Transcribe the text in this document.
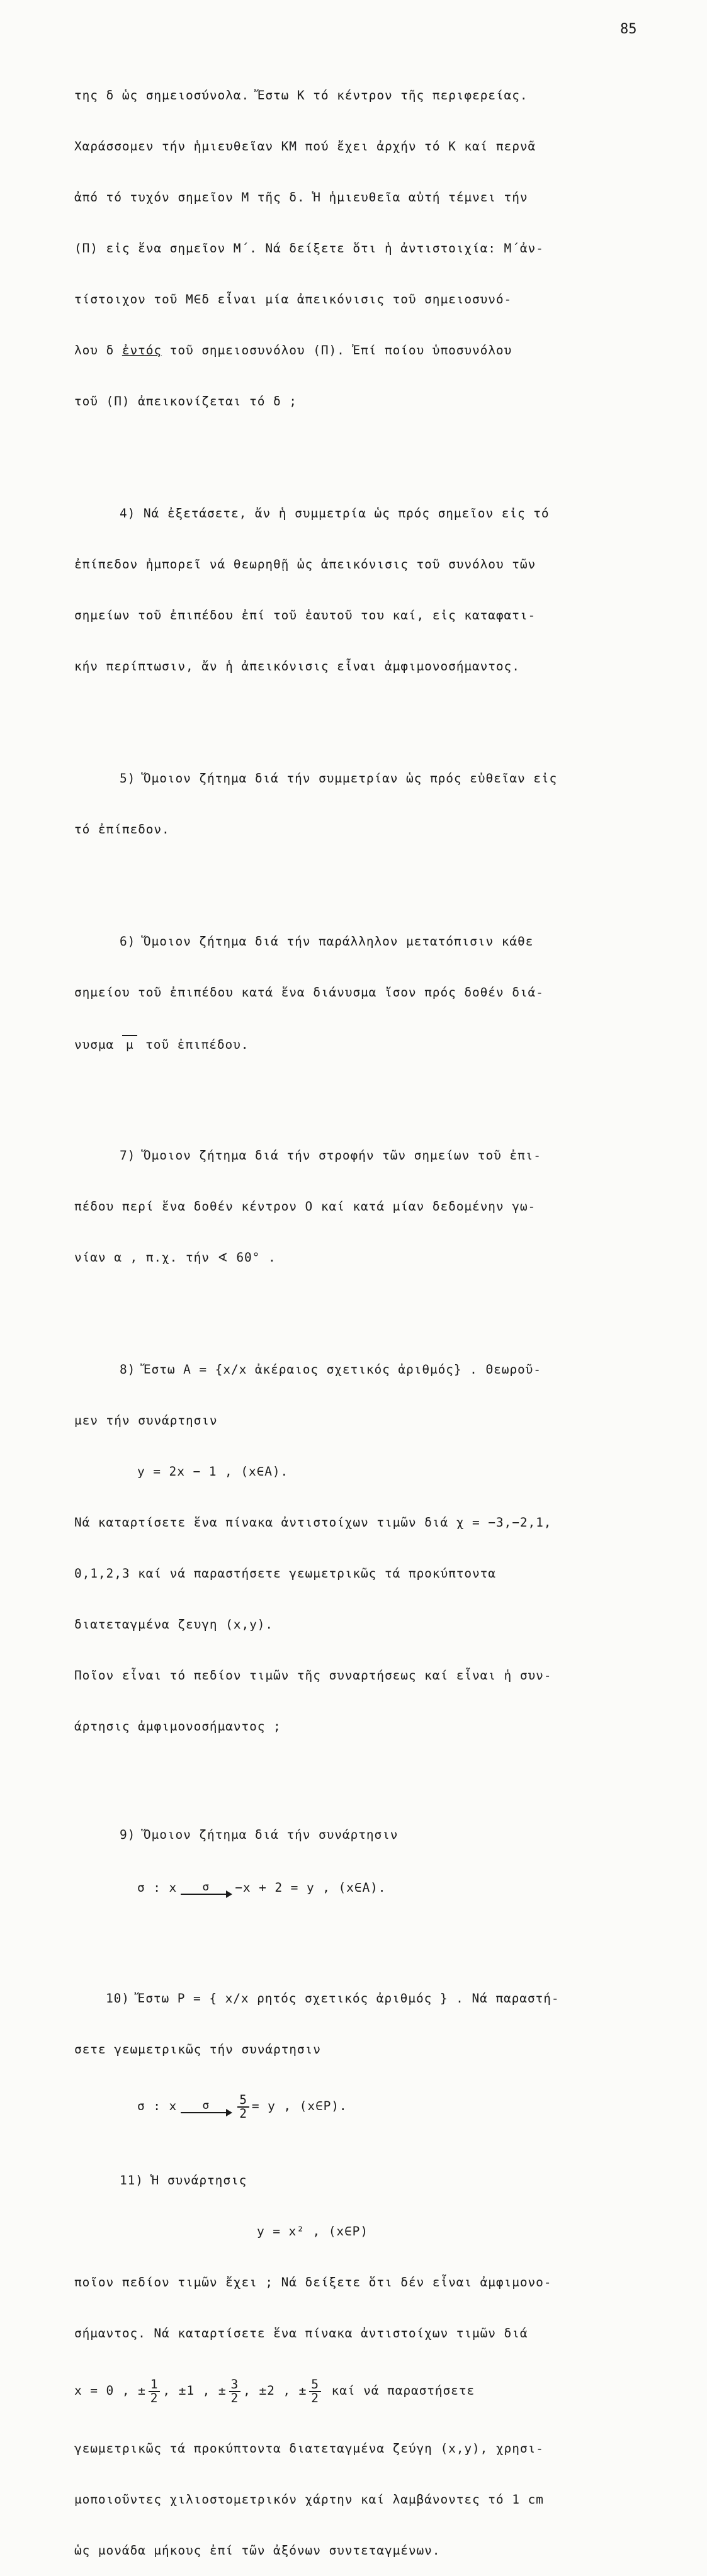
85

της δ ὡς σημειοσύνολα. Ἔστω K τό κέντρον τῆς περιφερείας.

Χαράσσομεν τήν ἡμιευθεῖαν KM πού ἔχει ἀρχήν τό K καί περνᾶ

ἀπό τό τυχόν σημεῖον M τῆς δ. Ἡ ἡμιευθεῖα αὐτή τέμνει τήν

(Π) εἰς ἕνα σημεῖον M΄. Νά δείξετε ὅτι ἡ ἀντιστοιχία: M΄ἀν-

τίστοιχον τοῦ M∈δ εἶναι μία ἀπεικόνισις τοῦ σημειοσυνό-

λου δ ἐντός τοῦ σημειοσυνόλου (Π). Ἐπί ποίου ὑποσυνόλου

τοῦ (Π) ἀπεικονίζεται τό δ ;

4) Νά ἐξετάσετε, ἄν ἡ συμμετρία ὡς πρός σημεῖον εἰς τό

ἐπίπεδον ἠμπορεῖ νά θεωρηθῇ ὡς ἀπεικόνισις τοῦ συνόλου τῶν

σημείων τοῦ ἐπιπέδου ἐπί τοῦ ἑαυτοῦ του καί, εἰς καταφατι-

κήν περίπτωσιν, ἄν ἡ ἀπεικόνισις εἶναι ἀμφιμονοσήμαντος.

5) Ὅμοιον ζήτημα διά τήν συμμετρίαν ὡς πρός εὐθεῖαν εἰς

τό ἐπίπεδον.

6) Ὅμοιον ζήτημα διά τήν παράλληλον μετατόπισιν κάθε

σημείου τοῦ ἐπιπέδου κατά ἕνα διάνυσμα ἴσον πρός δοθέν διά-

νυσμα μ τοῦ ἐπιπέδου.

7) Ὅμοιον ζήτημα διά τήν στροφήν τῶν σημείων τοῦ ἐπι-

πέδου περί ἕνα δοθέν κέντρον O καί κατά μίαν δεδομένην γω-

νίαν α , π.χ. τήν ∢ 60° .

8) Ἔστω A = {x/x ἀκέραιος σχετικός ἀριθμός} . Θεωροῦ-

μεν τήν συνάρτησιν

y = 2x − 1 , (x∈A).

Νά καταρτίσετε ἕνα πίνακα ἀντιστοίχων τιμῶν διά χ = −3,−2,1,

0,1,2,3 καί νά παραστήσετε γεωμετρικῶς τά προκύπτοντα

διατεταγμένα ζευγη (x,y).

Ποῖον εἶναι τό πεδίον τιμῶν τῆς συναρτήσεως καί εἶναι ἡ συν-

άρτησις ἀμφιμονοσήμαντος ;

9) Ὅμοιον ζήτημα διά τήν συνάρτησιν

σ : x	σ	−x + 2 = y , (x∈A).

10) Ἔστω P = { x/x ρητός σχετικός ἀριθμός } . Νά παραστή-

σετε γεωμετρικῶς τήν συνάρτησιν

σ : x	σ	$\frac{5}{2} = y$ , (x∈P).

11) Ἡ συνάρτησις

y = x² , (x∈P)

ποῖον πεδίον τιμῶν ἔχει ; Νά δείξετε ὅτι δέν εἶναι ἀμφιμονο-

σήμαντος. Νά καταρτίσετε ἕνα πίνακα ἀντιστοίχων τιμῶν διά

x = 0 , ± $\frac{1}{2}$ , ±1 , ± $\frac{3}{2}$ , ±2 , ± $\frac{5}{2}$ καί νά παραστήσετε

γεωμετρικῶς τά προκύπτοντα διατεταγμένα ζεύγη (x,y), χρησι-

μοποιοῦντες χιλιοστομετρικόν χάρτην καί λαμβάνοντες τό 1 cm

ὡς μονάδα μήκους ἐπί τῶν ἀξόνων συντεταγμένων.
